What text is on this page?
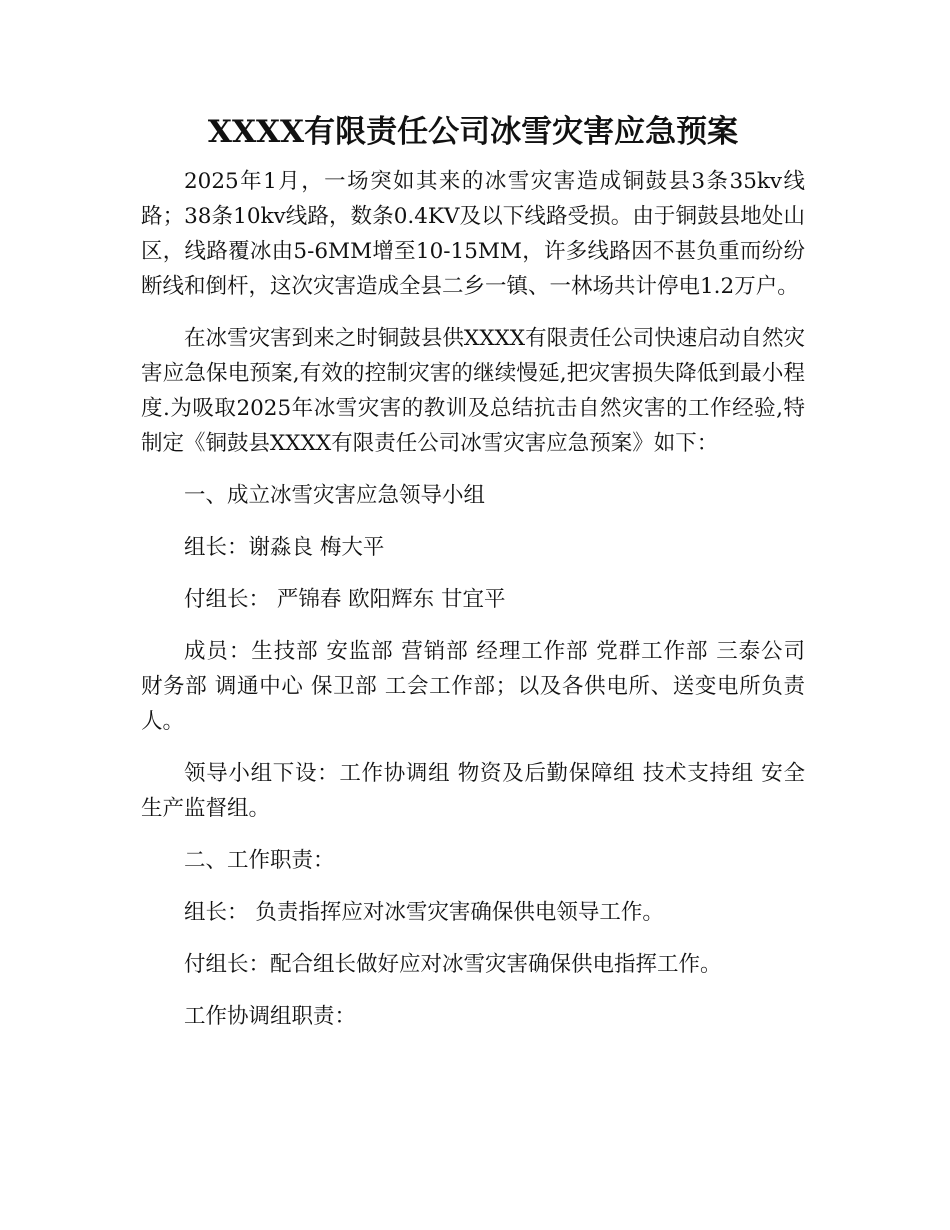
XXXX有限责任公司冰雪灾害应急预案

2025年1月，一场突如其来的冰雪灾害造成铜鼓县3条35kv线路；38条10kv线路，数条0.4KV及以下线路受损。由于铜鼓县地处山区，线路覆冰由5-6MM增至10-15MM，许多线路因不甚负重而纷纷断线和倒杆，这次灾害造成全县二乡一镇、一林场共计停电1.2万户。

在冰雪灾害到来之时铜鼓县供XXXX有限责任公司快速启动自然灾害应急保电预案,有效的控制灾害的继续慢延,把灾害损失降低到最小程度.为吸取2025年冰雪灾害的教训及总结抗击自然灾害的工作经验,特制定《铜鼓县XXXX有限责任公司冰雪灾害应急预案》如下：

一、成立冰雪灾害应急领导小组

组长：谢淼良 梅大平

付组长： 严锦春 欧阳辉东 甘宜平

成员：生技部 安监部 营销部 经理工作部 党群工作部 三泰公司 财务部 调通中心 保卫部 工会工作部；以及各供电所、送变电所负责人。

领导小组下设：工作协调组 物资及后勤保障组 技术支持组 安全生产监督组。

二、工作职责：

组长： 负责指挥应对冰雪灾害确保供电领导工作。

付组长：配合组长做好应对冰雪灾害确保供电指挥工作。

工作协调组职责：
